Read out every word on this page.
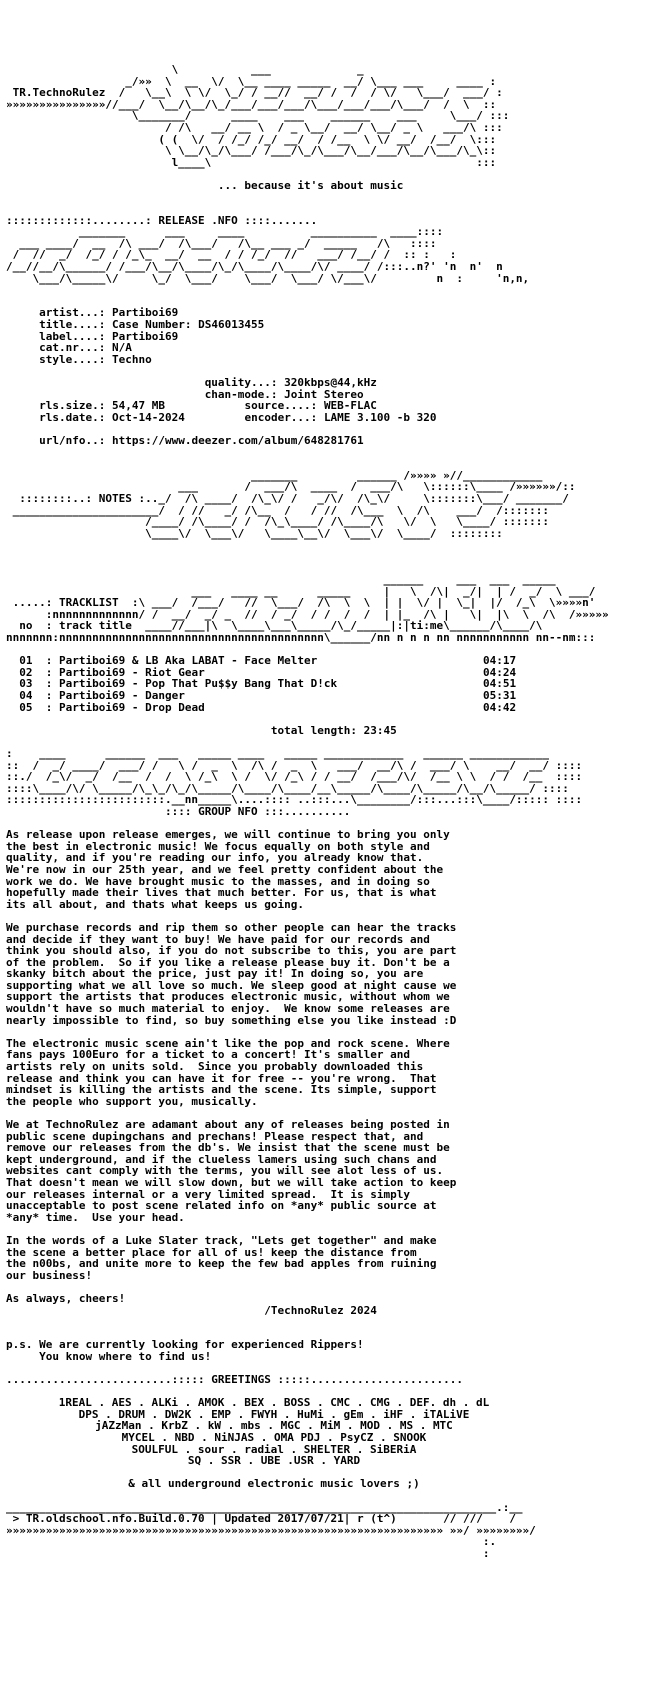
\           ___             _
_/»»  \  __  \/  \__ ____ _____  __/ \___ ___     ____ :
TR.TechnoRulez  /   \__\  \ \/  \_/ / __//  __/ /  /  / \/   \___/  ___/ :
»»»»»»»»»»»»»»»//___/  \__/\__/\_/___/___/___/\___/___/___/\___/  /  \  ::
\_______/      ____    ___    ______    ___     \___/ :::
/ /\   __/ __ \  / _ \__/  __/ \__/ _ \   ___/\ :::
( (  \/  / /_/ /_/ __/  / /__  \ \/ __/  /__/  \:::
\ \__/\_/\___/ /___/\_/\___/\__/___/\__/\___/\_\::
l____\                                        :::
... because it's about music
:::::::::::::........: RELEASE .NFO ::::.......
_______      ___     ____          __________  ____::::
___ ____/  __  /\ ___/  /\___/   /\__ ___ _/  _____   /\   ::::
/  //  _/  /_/ / /_\_  __/  __  / / /_/  //   ___/ /__/ /  :: :   :
/__//__/\______/ /___/\__/\____/\_/\____/\____/\/ ____/ /:::..n?' 'n  n'  n
\___/\_____\/     \_/  \___/    \___/  \___/ \/___\/         n  :     'n,n,
artist...: Partiboi69
title....: Case Number: DS46013455
label....: Partiboi69
cat.nr...: N/A
style....: Techno
quality...: 320kbps@44,kHz
chan-mode.: Joint Stereo
rls.size.: 54,47 MB	source....: WEB-FLAC
rls.date.: Oct-14-2024	encoder...: LAME 3.100 -b 320
url/nfo..: https://www.deezer.com/album/648281761
_______         ______ /»»»» »//____________
___       /  ___/\  ____  /  ___/\   \::::::\____ /»»»»»»/::
::::::::..: NOTES :.._/  /\ ____/  /\_\/ /   _/\/  /\_\/     \:::::::\___/ _______/
______________________/  / //   _/ /\__  /   / //  /\___  \  /\    ___/  /:::::::
/____/ /\____/ /  /\_\____/ /\____/\   \/  \   \____/ :::::::
\____\/  \___\/   \____\__\/  \___\/  \____/  ::::::::
______     ___  ___  _____
___   ____ __      _____     |   \  /\|  _/|  | /  _/  \ ___/
.....: TRACKLIST  :\ ___/  /___/   //  \___/  /\  \  \  | |  \/ |  \_|  |/  /_\  \»»»»n'
:nnnnnnnnnnnnn/ /  __/  _/ _  //  / _/  / /  /  /  | |_  /\ |   \|  |\  \  /\  /»»»»»
no  : track title  ____//___|\  \____\___\_____/\_/_____|:|ti:me\______/\____/\
nnnnnnn:nnnnnnnnnnnnnnnnnnnnnnnnnnnnnnnnnnnnnnnn\______/nn n n n nn nnnnnnnnnnn nn--nm:::
01  : Partiboi69 & LB Aka LABAT - Face Melter	04:17
02  : Partiboi69 - Riot Gear	04:24
03  : Partiboi69 - Pop That Pu$$y Bang That D!ck	04:51
04  : Partiboi69 - Danger	05:31
05  : Partiboi69 - Drop Dead	04:42
total length: 23:45
:    ____      ______  ___   _____ ____   _____ ____________   ______ ____________
::  /  _/ ____/  ___/ /   \ /  _  \  /\ /  _  \   ___/  __/\ /  ___/ \    __/  __/ ::::
::./  /_\/  _/  /__  /  /  \ /_\  \ /  \/ /_\ / / __/  /___/\/  /__ \ \  / /  /__  ::::
::::\____/\/ \_____/\_\_/\_/\_____/\____/\____/__\_____/\____/\_____/\__/\_____/ ::::
::::::::::::::::::::::::.__nn_____\....:::: ..:::...\________/:::...:::\____/::::: ::::
:::: GROUP NFO :::..........
As release upon release emerges, we will continue to bring you only
the best in electronic music! We focus equally on both style and
quality, and if you're reading our info, you already know that.
We're now in our 25th year, and we feel pretty confident about the
work we do. We have brought music to the masses, and in doing so
hopefully made their lives that much better. For us, that is what
its all about, and thats what keeps us going.
We purchase records and rip them so other people can hear the tracks
and decide if they want to buy! We have paid for our records and
think you should also, if you do not subscribe to this, you are part
of the problem.  So if you like a release please buy it. Don't be a
skanky bitch about the price, just pay it! In doing so, you are
supporting what we all love so much. We sleep good at night cause we
support the artists that produces electronic music, without whom we
wouldn't have so much material to enjoy.  We know some releases are
nearly impossible to find, so buy something else you like instead :D
The electronic music scene ain't like the pop and rock scene. Where
fans pays 100Euro for a ticket to a concert! It's smaller and
artists rely on units sold.  Since you probably downloaded this
release and think you can have it for free -- you're wrong.  That
mindset is killing the artists and the scene. Its simple, support
the people who support you, musically.
We at TechnoRulez are adamant about any of releases being posted in
public scene dupingchans and prechans! Please respect that, and
remove our releases from the db's. We insist that the scene must be
kept underground, and if the clueless lamers using such chans and
websites cant comply with the terms, you will see alot less of us.
That doesn't mean we will slow down, but we will take action to keep
our releases internal or a very limited spread.  It is simply
unacceptable to post scene related info on *any* public source at
*any* time.  Use your head.
In the words of a Luke Slater track, "Lets get together" and make
the scene a better place for all of us! keep the distance from
the n00bs, and unite more to keep the few bad apples from ruining
our business!
As always, cheers!
/TechnoRulez 2024
p.s. We are currently looking for experienced Rippers!
You know where to find us!
.........................::::: GREETINGS :::::.......................
1REAL . AES . ALKi . AMOK . BEX . BOSS . CMC . CMG . DEF. dh . dL
DPS . DRUM . DW2K . EMP . FWYH . HuMi . gEm . iHF . iTALiVE
jAZzMan . KrbZ . kW . mbs . MGC . MiM . MOD . MS . MTC
MYCEL . NBD . NiNJAS . OMA PDJ . PsyCZ . SNOOK
SOULFUL . sour . radial . SHELTER . SiBERiA
SQ . SSR . UBE .USR . YARD
& all underground electronic music lovers ;)
__________________________________________________________________________.:__
> TR.oldschool.nfo.Build.0.70 | Updated 2017/07/21| r (t^)       // ///    /
»»»»»»»»»»»»»»»»»»»»»»»»»»»»»»»»»»»»»»»»»»»»»»»»»»»»»»»»»»»»»»»»»» »»/ »»»»»»»»/
:.
:
